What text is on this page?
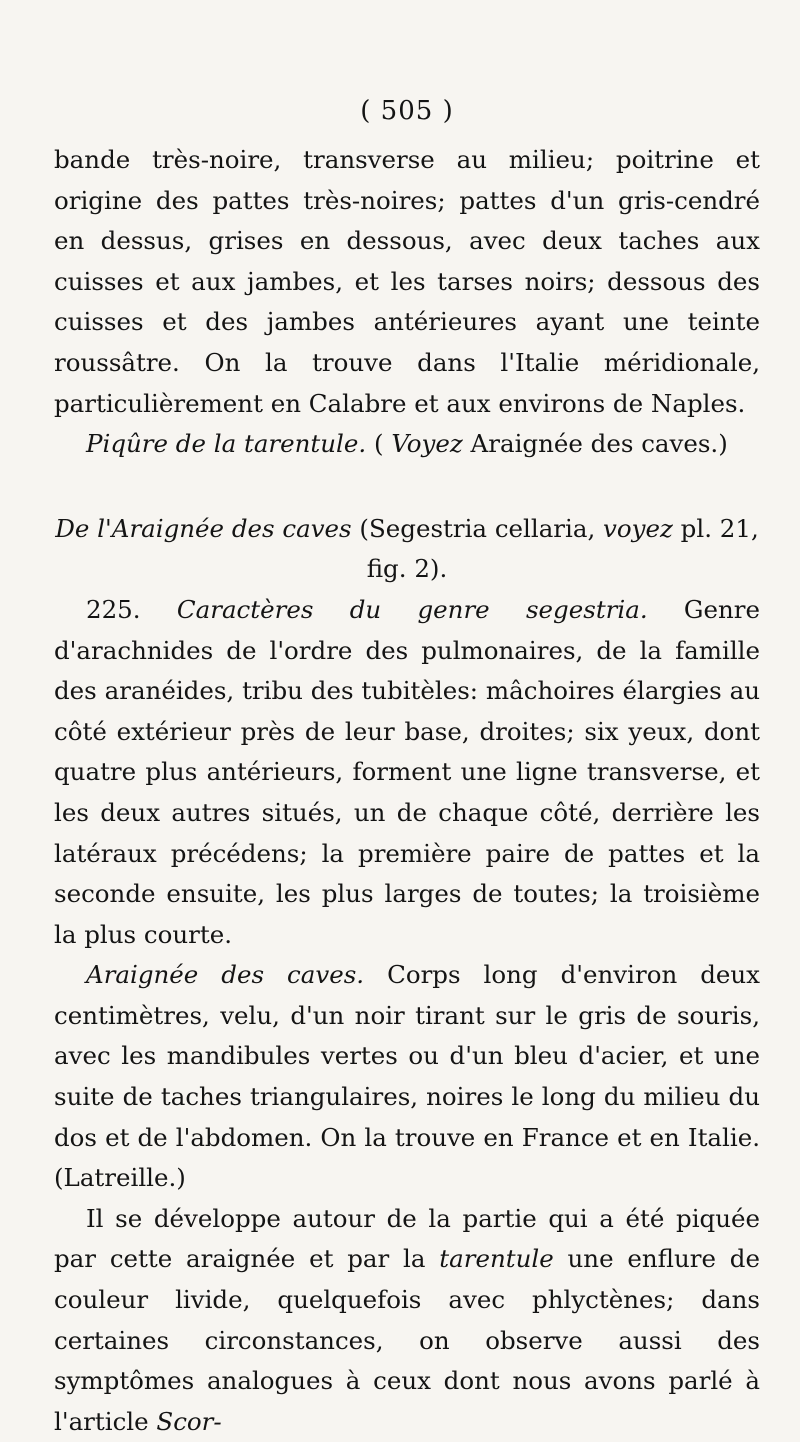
( 505 )

bande très-noire, transverse au milieu; poitrine et origine des pattes très-noires; pattes d'un gris-cendré en dessus, grises en dessous, avec deux taches aux cuisses et aux jambes, et les tarses noirs; dessous des cuisses et des jambes antérieures ayant une teinte roussâtre. On la trouve dans l'Italie méridionale, particulièrement en Calabre et aux environs de Naples.

Piqûre de la tarentule. ( Voyez Araignée des caves.)

De l'Araignée des caves (Segestria cellaria, voyez pl. 21, fig. 2).

225. Caractères du genre segestria. Genre d'arachnides de l'ordre des pulmonaires, de la famille des aranéides, tribu des tubitèles: mâchoires élargies au côté extérieur près de leur base, droites; six yeux, dont quatre plus antérieurs, forment une ligne transverse, et les deux autres situés, un de chaque côté, derrière les latéraux précédens; la première paire de pattes et la seconde ensuite, les plus larges de toutes; la troisième la plus courte.

Araignée des caves. Corps long d'environ deux centimètres, velu, d'un noir tirant sur le gris de souris, avec les mandibules vertes ou d'un bleu d'acier, et une suite de taches triangulaires, noires le long du milieu du dos et de l'abdomen. On la trouve en France et en Italie. (Latreille.)

Il se développe autour de la partie qui a été piquée par cette araignée et par la tarentule une enflure de couleur livide, quelquefois avec phlyctènes; dans certaines circonstances, on observe aussi des symptômes analogues à ceux dont nous avons parlé à l'article Scor-
